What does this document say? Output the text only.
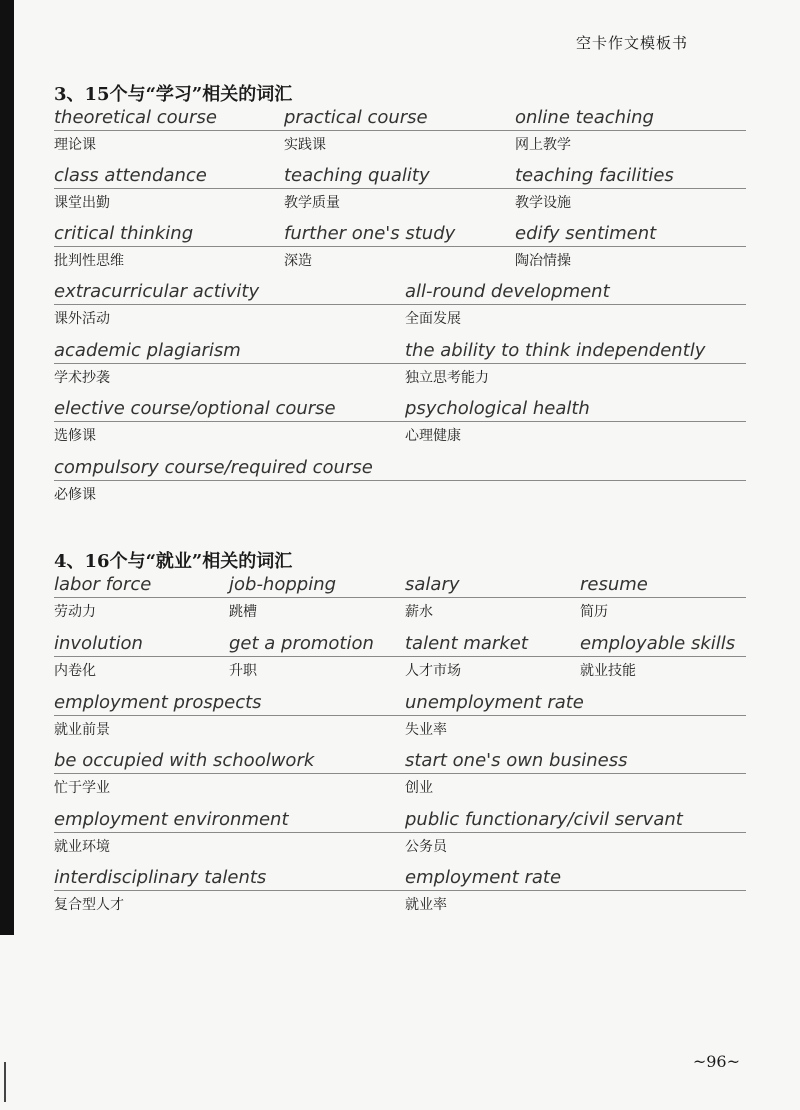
空卡作文模板书
3、15个与“学习”相关的词汇
theoretical course
理论课
practical course
实践课
online teaching
网上教学
class attendance
课堂出勤
teaching quality
教学质量
teaching facilities
教学设施
critical thinking
批判性思维
further one's study
深造
edify sentiment
陶冶情操
extracurricular activity
课外活动
all-round development
全面发展
academic plagiarism
学术抄袭
the ability to think independently
独立思考能力
elective course/optional course
选修课
psychological health
心理健康
compulsory course/required course
必修课
4、16个与“就业”相关的词汇
labor force
劳动力
job-hopping
跳槽
salary
薪水
resume
简历
involution
内卷化
get a promotion
升职
talent market
人才市场
employable skills
就业技能
employment prospects
就业前景
unemployment rate
失业率
be occupied with schoolwork
忙于学业
start one's own business
创业
employment environment
就业环境
public functionary/civil servant
公务员
interdisciplinary talents
复合型人才
employment rate
就业率
~96~
